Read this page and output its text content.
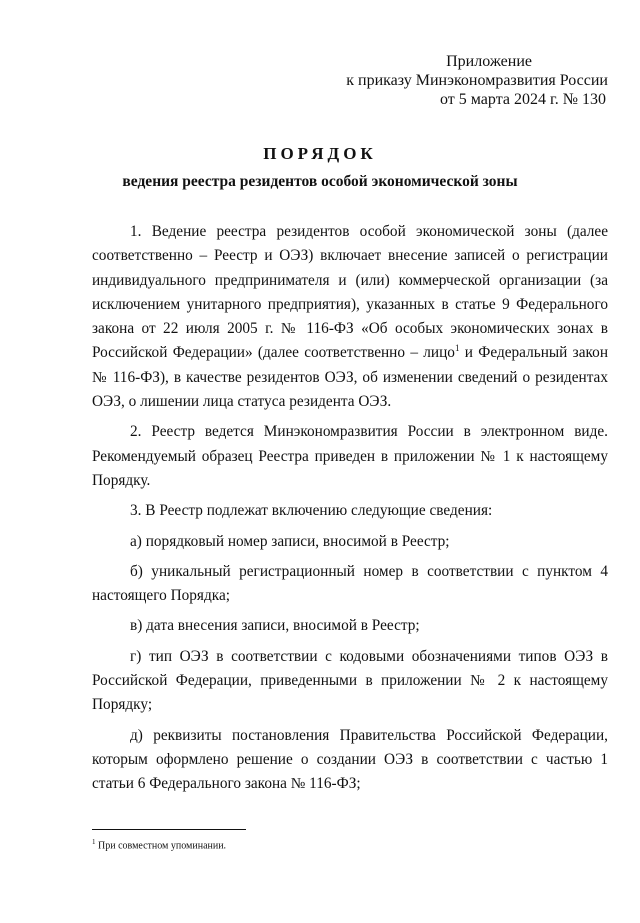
Приложение
к приказу Минэкономразвития России
от 5 марта 2024 г. № 130
ПОРЯДОК
ведения реестра резидентов особой экономической зоны

1. Ведение реестра резидентов особой экономической зоны (далее соответственно – Реестр и ОЭЗ) включает внесение записей о регистрации индивидуального предпринимателя и (или) коммерческой организации (за исключением унитарного предприятия), указанных в статье 9 Федерального закона от 22 июля 2005 г. № 116-ФЗ «Об особых экономических зонах в Российской Федерации» (далее соответственно – лицо$^1$ и Федеральный закон № 116-ФЗ), в качестве резидентов ОЭЗ, об изменении сведений о резидентах ОЭЗ, о лишении лица статуса резидента ОЭЗ.

2. Реестр ведется Минэкономразвития России в электронном виде. Рекомендуемый образец Реестра приведен в приложении № 1 к настоящему Порядку.

3. В Реестр подлежат включению следующие сведения:

а) порядковый номер записи, вносимой в Реестр;

б) уникальный регистрационный номер в соответствии с пунктом 4 настоящего Порядка;

в) дата внесения записи, вносимой в Реестр;

г) тип ОЭЗ в соответствии с кодовыми обозначениями типов ОЭЗ в Российской Федерации, приведенными в приложении № 2 к настоящему Порядку;

д) реквизиты постановления Правительства Российской Федерации, которым оформлено решение о создании ОЭЗ в соответствии с частью 1 статьи 6 Федерального закона № 116-ФЗ;

$^1$ При совместном упоминании.
